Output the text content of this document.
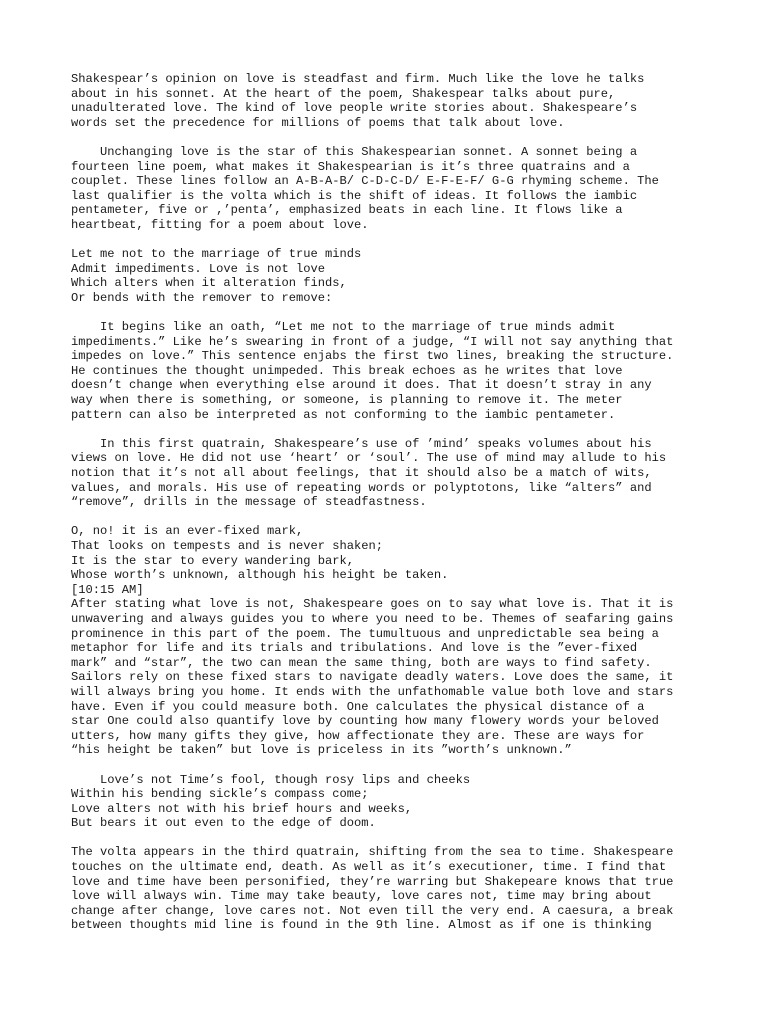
Shakespear’s opinion on love is steadfast and firm. Much like the love he talks
about in his sonnet. At the heart of the poem, Shakespear talks about pure,
unadulterated love. The kind of love people write stories about. Shakespeare’s
words set the precedence for millions of poems that talk about love.
Unchanging love is the star of this Shakespearian sonnet. A sonnet being a
fourteen line poem, what makes it Shakespearian is it’s three quatrains and a
couplet. These lines follow an A-B-A-B/ C-D-C-D/ E-F-E-F/ G-G rhyming scheme. The
last qualifier is the volta which is the shift of ideas. It follows the iambic
pentameter, five or ,’penta’, emphasized beats in each line. It flows like a
heartbeat, fitting for a poem about love.
Let me not to the marriage of true minds
Admit impediments. Love is not love
Which alters when it alteration finds,
Or bends with the remover to remove:
It begins like an oath, “Let me not to the marriage of true minds admit
impediments.” Like he’s swearing in front of a judge, “I will not say anything that
impedes on love.” This sentence enjabs the first two lines, breaking the structure.
He continues the thought unimpeded. This break echoes as he writes that love
doesn’t change when everything else around it does. That it doesn’t stray in any
way when there is something, or someone, is planning to remove it. The meter
pattern can also be interpreted as not conforming to the iambic pentameter.
In this first quatrain, Shakespeare’s use of ’mind’ speaks volumes about his
views on love. He did not use ‘heart’ or ‘soul’. The use of mind may allude to his
notion that it’s not all about feelings, that it should also be a match of wits,
values, and morals. His use of repeating words or polyptotons, like “alters” and
“remove”, drills in the message of steadfastness.
O, no! it is an ever-fixed mark,
That looks on tempests and is never shaken;
It is the star to every wandering bark,
Whose worth’s unknown, although his height be taken.
[10:15 AM]
After stating what love is not, Shakespeare goes on to say what love is. That it is
unwavering and always guides you to where you need to be. Themes of seafaring gains
prominence in this part of the poem. The tumultuous and unpredictable sea being a
metaphor for life and its trials and tribulations. And love is the ”ever-fixed
mark” and “star”, the two can mean the same thing, both are ways to find safety.
Sailors rely on these fixed stars to navigate deadly waters. Love does the same, it
will always bring you home. It ends with the unfathomable value both love and stars
have. Even if you could measure both. One calculates the physical distance of a
star One could also quantify love by counting how many flowery words your beloved
utters, how many gifts they give, how affectionate they are. These are ways for
“his height be taken” but love is priceless in its ”worth’s unknown.”
Love’s not Time’s fool, though rosy lips and cheeks
Within his bending sickle’s compass come;
Love alters not with his brief hours and weeks,
But bears it out even to the edge of doom.
The volta appears in the third quatrain, shifting from the sea to time. Shakespeare
touches on the ultimate end, death. As well as it’s executioner, time. I find that
love and time have been personified, they’re warring but Shakepeare knows that true
love will always win. Time may take beauty, love cares not, time may bring about
change after change, love cares not. Not even till the very end. A caesura, a break
between thoughts mid line is found in the 9th line. Almost as if one is thinking
